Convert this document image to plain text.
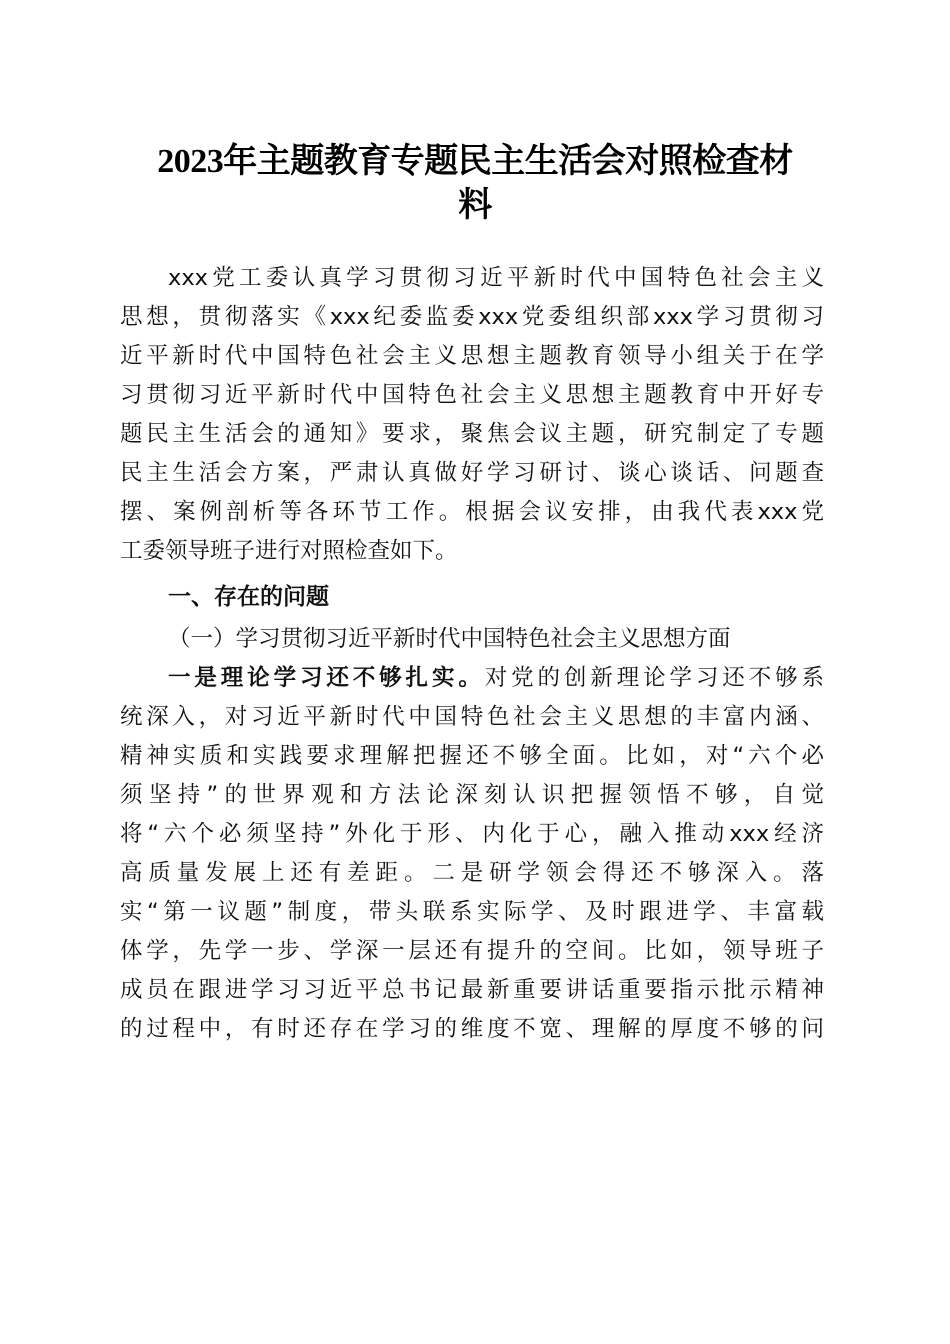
2023年主题教育专题民主生活会对照检查材
料
xxx党工委认真学习贯彻习近平新时代中国特色社会主义
思想，贯彻落实《xxx纪委监委xxx党委组织部xxx学习贯彻习
近平新时代中国特色社会主义思想主题教育领导小组关于在学
习贯彻习近平新时代中国特色社会主义思想主题教育中开好专
题民主生活会的通知》要求，聚焦会议主题，研究制定了专题
民主生活会方案，严肃认真做好学习研讨、谈心谈话、问题查
摆、案例剖析等各环节工作。根据会议安排，由我代表xxx党
工委领导班子进行对照检查如下。
一、存在的问题
（一）学习贯彻习近平新时代中国特色社会主义思想方面
一是理论学习还不够扎实。对党的创新理论学习还不够系
统深入，对习近平新时代中国特色社会主义思想的丰富内涵、
精神实质和实践要求理解把握还不够全面。比如，对“六个必
须坚持”的世界观和方法论深刻认识把握领悟不够，自觉
将“六个必须坚持”外化于形、内化于心，融入推动xxx经济
高质量发展上还有差距。二是研学领会得还不够深入。落
实“第一议题”制度，带头联系实际学、及时跟进学、丰富载
体学，先学一步、学深一层还有提升的空间。比如，领导班子
成员在跟进学习习近平总书记最新重要讲话重要指示批示精神
的过程中，有时还存在学习的维度不宽、理解的厚度不够的问
